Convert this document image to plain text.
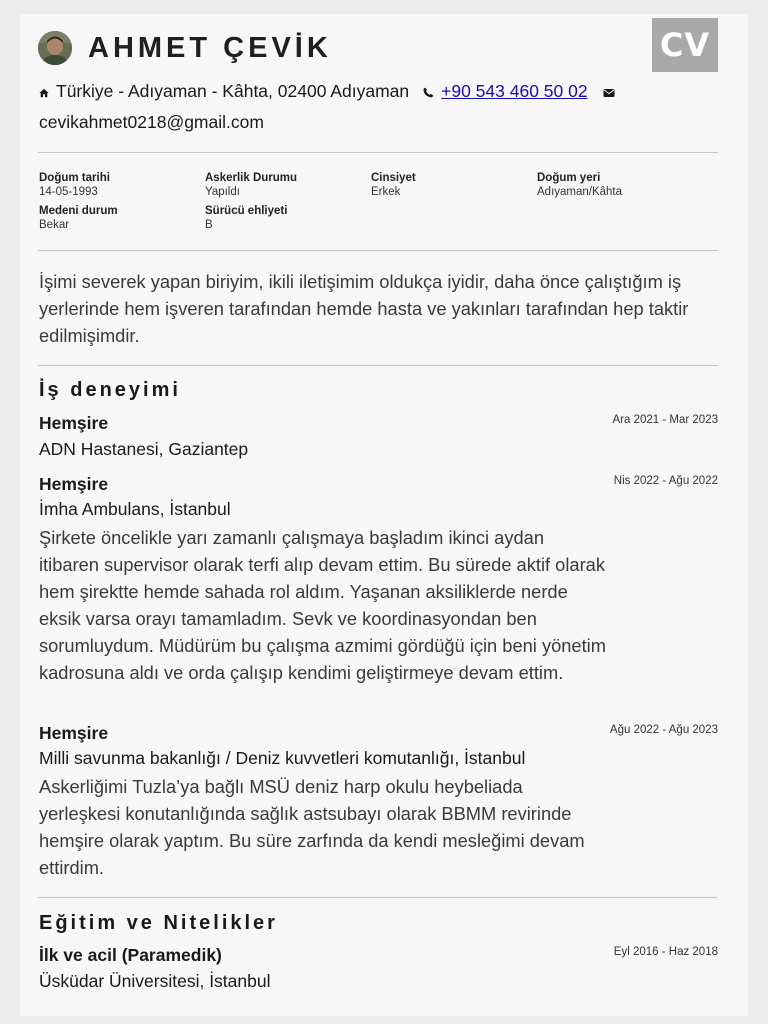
AHMET ÇEVİK	CV
Türkiye - Adıyaman - Kâhta, 02400 Adıyaman +90 543 460 50 02
cevikahmet0218@gmail.com
Doğum tarihi
14-05-1993
Askerlik Durumu
Yapıldı
Cinsiyet
Erkek
Doğum yeri
Adıyaman/Kâhta
Medeni durum
Bekar
Sürücü ehliyeti
B
İşimi severek yapan biriyim, ikili iletişimim oldukça iyidir, daha önce çalıştığım iş yerlerinde hem işveren tarafından hemde hasta ve yakınları tarafından hep taktir edilmişimdir.
İş deneyimi
Hemşire	Ara 2021 - Mar 2023
ADN Hastanesi, Gaziantep
Hemşire	Nis 2022 - Ağu 2022
İmha Ambulans, İstanbul
Şirkete öncelikle yarı zamanlı çalışmaya başladım ikinci aydan itibaren supervisor olarak terfi alıp devam ettim. Bu sürede aktif olarak hem şirektte hemde sahada rol aldım. Yaşanan aksiliklerde nerde eksik varsa orayı tamamladım. Sevk ve koordinasyondan ben sorumluydum. Müdürüm bu çalışma azmimi gördüğü için beni yönetim kadrosuna aldı ve orda çalışıp kendimi geliştirmeye devam ettim.
Hemşire	Ağu 2022 - Ağu 2023
Milli savunma bakanlığı / Deniz kuvvetleri komutanlığı, İstanbul
Askerliğimi Tuzla’ya bağlı MSÜ deniz harp okulu heybeliada yerleşkesi konutanlığında sağlık astsubayı olarak BBMM revirinde hemşire olarak yaptım. Bu süre zarfında da kendi mesleğimi devam ettirdim.
Eğitim ve Nitelikler
İlk ve acil (Paramedik)	Eyl 2016 - Haz 2018
Üsküdar Üniversitesi, İstanbul
